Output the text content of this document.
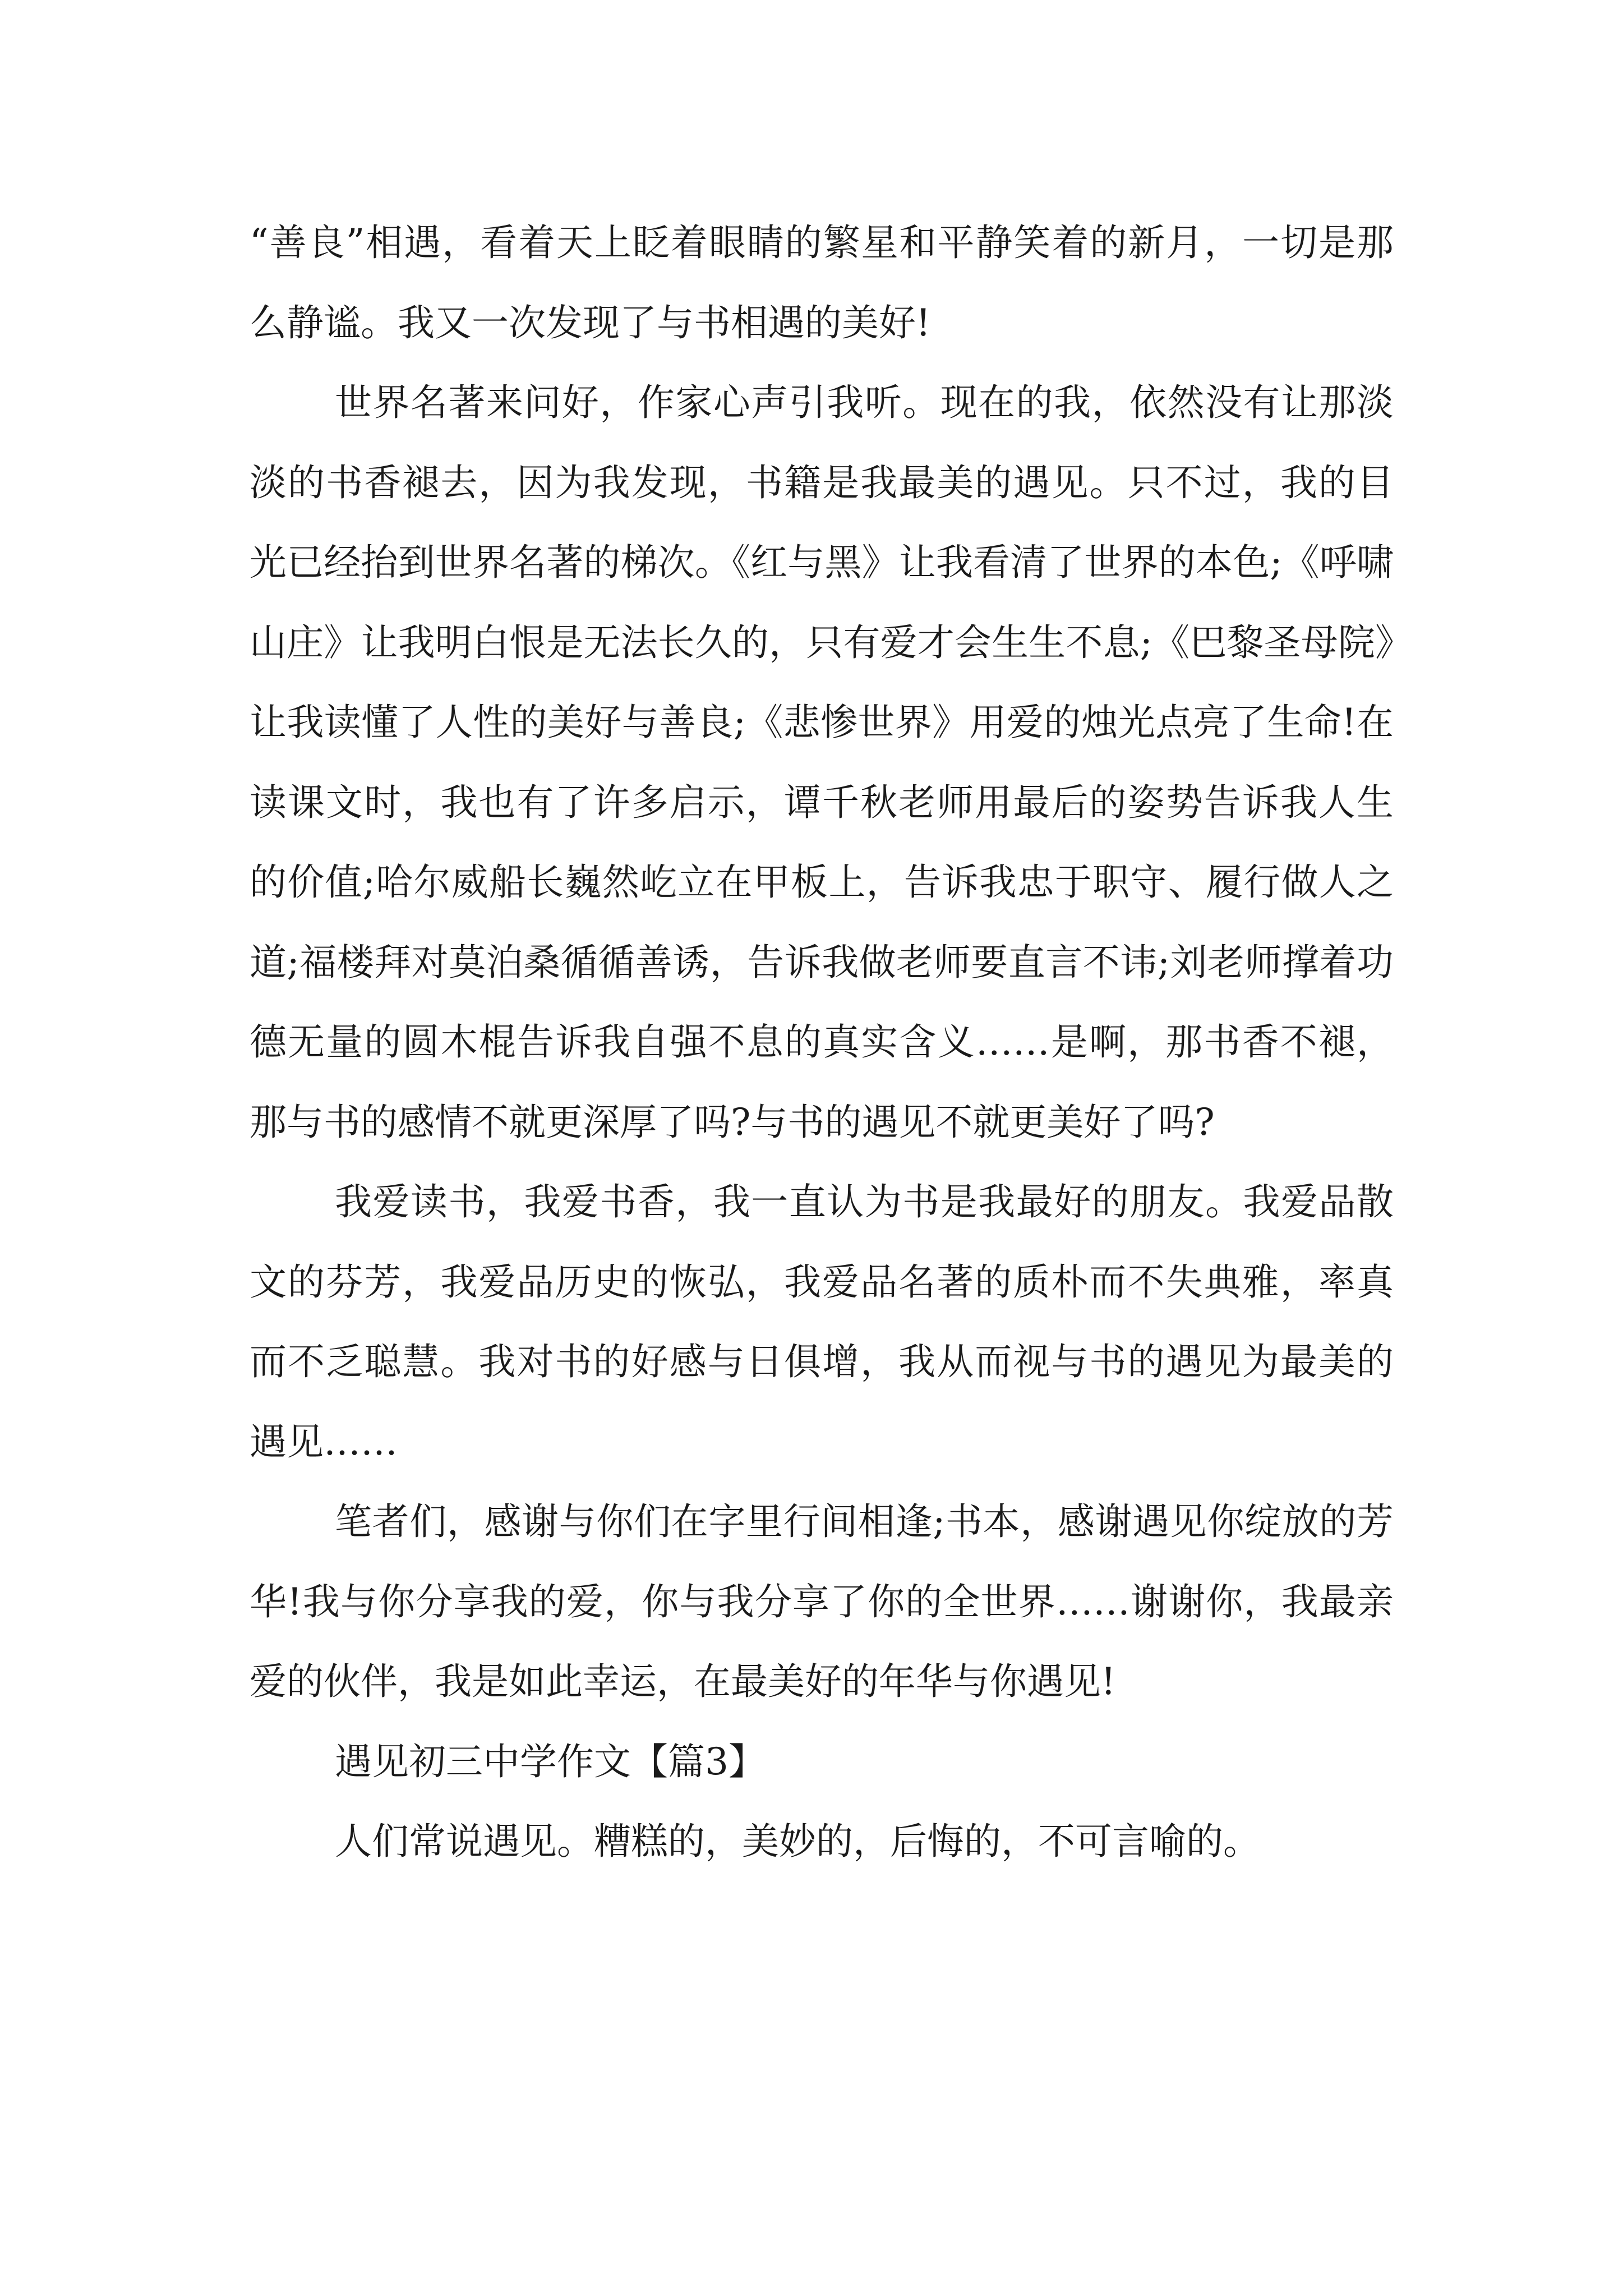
“善良”相遇，看着天上眨着眼睛的繁星和平静笑着的新月，一切是那么静谧。我又一次发现了与书相遇的美好!

世界名著来问好，作家心声引我听。现在的我，依然没有让那淡淡的书香褪去，因为我发现，书籍是我最美的遇见。只不过，我的目光已经抬到世界名著的梯次。《红与黑》让我看清了世界的本色;《呼啸山庄》让我明白恨是无法长久的，只有爱才会生生不息;《巴黎圣母院》让我读懂了人性的美好与善良;《悲惨世界》用爱的烛光点亮了生命!在读课文时，我也有了许多启示，谭千秋老师用最后的姿势告诉我人生的价值;哈尔威船长巍然屹立在甲板上，告诉我忠于职守、履行做人之道;福楼拜对莫泊桑循循善诱，告诉我做老师要直言不讳;刘老师撑着功德无量的圆木棍告诉我自强不息的真实含义……是啊，那书香不褪，那与书的感情不就更深厚了吗?与书的遇见不就更美好了吗?

我爱读书，我爱书香，我一直认为书是我最好的朋友。我爱品散文的芬芳，我爱品历史的恢弘，我爱品名著的质朴而不失典雅，率真而不乏聪慧。我对书的好感与日俱增，我从而视与书的遇见为最美的遇见……

笔者们，感谢与你们在字里行间相逢;书本，感谢遇见你绽放的芳华!我与你分享我的爱，你与我分享了你的全世界……谢谢你，我最亲爱的伙伴，我是如此幸运，在最美好的年华与你遇见!

遇见初三中学作文【篇3】

人们常说遇见。糟糕的，美妙的，后悔的，不可言喻的。
